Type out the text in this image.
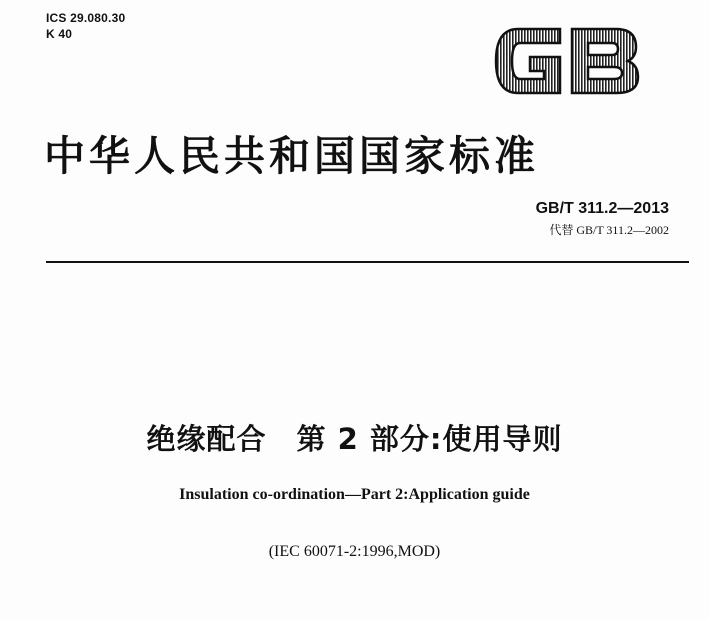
ICS 29.080.30
K 40
中华人民共和国国家标准
GB/T 311.2—2013
代替 GB/T 311.2—2002
绝缘配合　第 2 部分:使用导则
Insulation co-ordination—Part 2:Application guide
(IEC 60071-2:1996,MOD)
